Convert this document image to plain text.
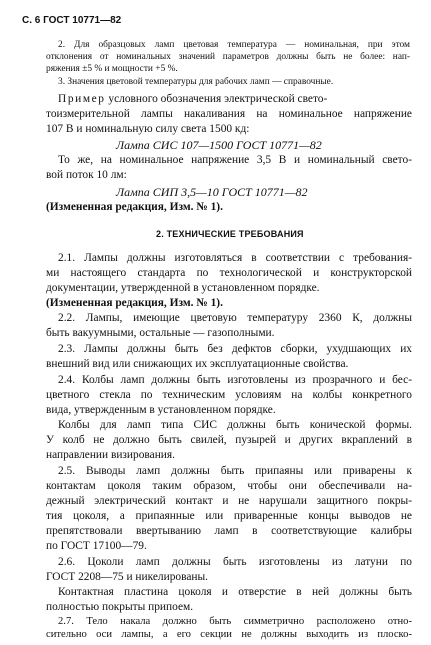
С. 6 ГОСТ 10771—82
2. Для образцовых ламп цветовая температура — номинальная, при этом
отклонения от номинальных значений параметров должны быть не более: нап-
ряжения ±5 % и мощности +5 %.
3. Значения цветовой температуры для рабочих ламп — справочные.
Пример условного обозначения электрической свето-
тоизмерительной лампы накаливания на номинальное напряжение
107 В и номинальную силу света 1500 кд:
Лампа СИС 107—1500 ГОСТ 10771—82
То же, на номинальное напряжение 3,5 В и номинальный свето-
вой поток 10 лм:
Лампа СИП 3,5—10 ГОСТ 10771—82
(Измененная редакция, Изм. № 1).
2. ТЕХНИЧЕСКИЕ ТРЕБОВАНИЯ
2.1. Лампы должны изготовляться в соответствии с требования-
ми настоящего стандарта по технологической и конструкторской
документации, утвержденной в установленном порядке.
(Измененная редакция, Изм. № 1).
2.2. Лампы, имеющие цветовую температуру 2360 К, должны
быть вакуумными, остальные — газополными.
2.3. Лампы должны быть без дефктов сборки, ухудшающих их
внешний вид или снижающих их эксплуатационные свойства.
2.4. Колбы ламп должны быть изготовлены из прозрачного и бес-
цветного стекла по техническим условиям на колбы конкретного
вида, утвержденным в установленном порядке.
Колбы для ламп типа СИС должны быть конической формы.
У колб не должно быть свилей, пузырей и других вкраплений в
направлении визирования.
2.5. Выводы ламп должны быть припаяны или приварены к
контактам цоколя таким образом, чтобы они обеспечивали на-
дежный электрический контакт и не нарушали защитного покры-
тия цоколя, а припаянные или приваренные концы выводов не
препятствовали ввертыванию ламп в соответствующие калибры
по ГОСТ 17100—79.
2.6. Цоколи ламп должны быть изготовлены из латуни по
ГОСТ 2208—75 и никелированы.
Контактная пластина цоколя и отверстие в ней должны быть
полностью покрыты припоем.
2.7. Тело накала должно быть симметрично расположено отно-
сительно оси лампы, а его секции не должны выходить из плоско-
